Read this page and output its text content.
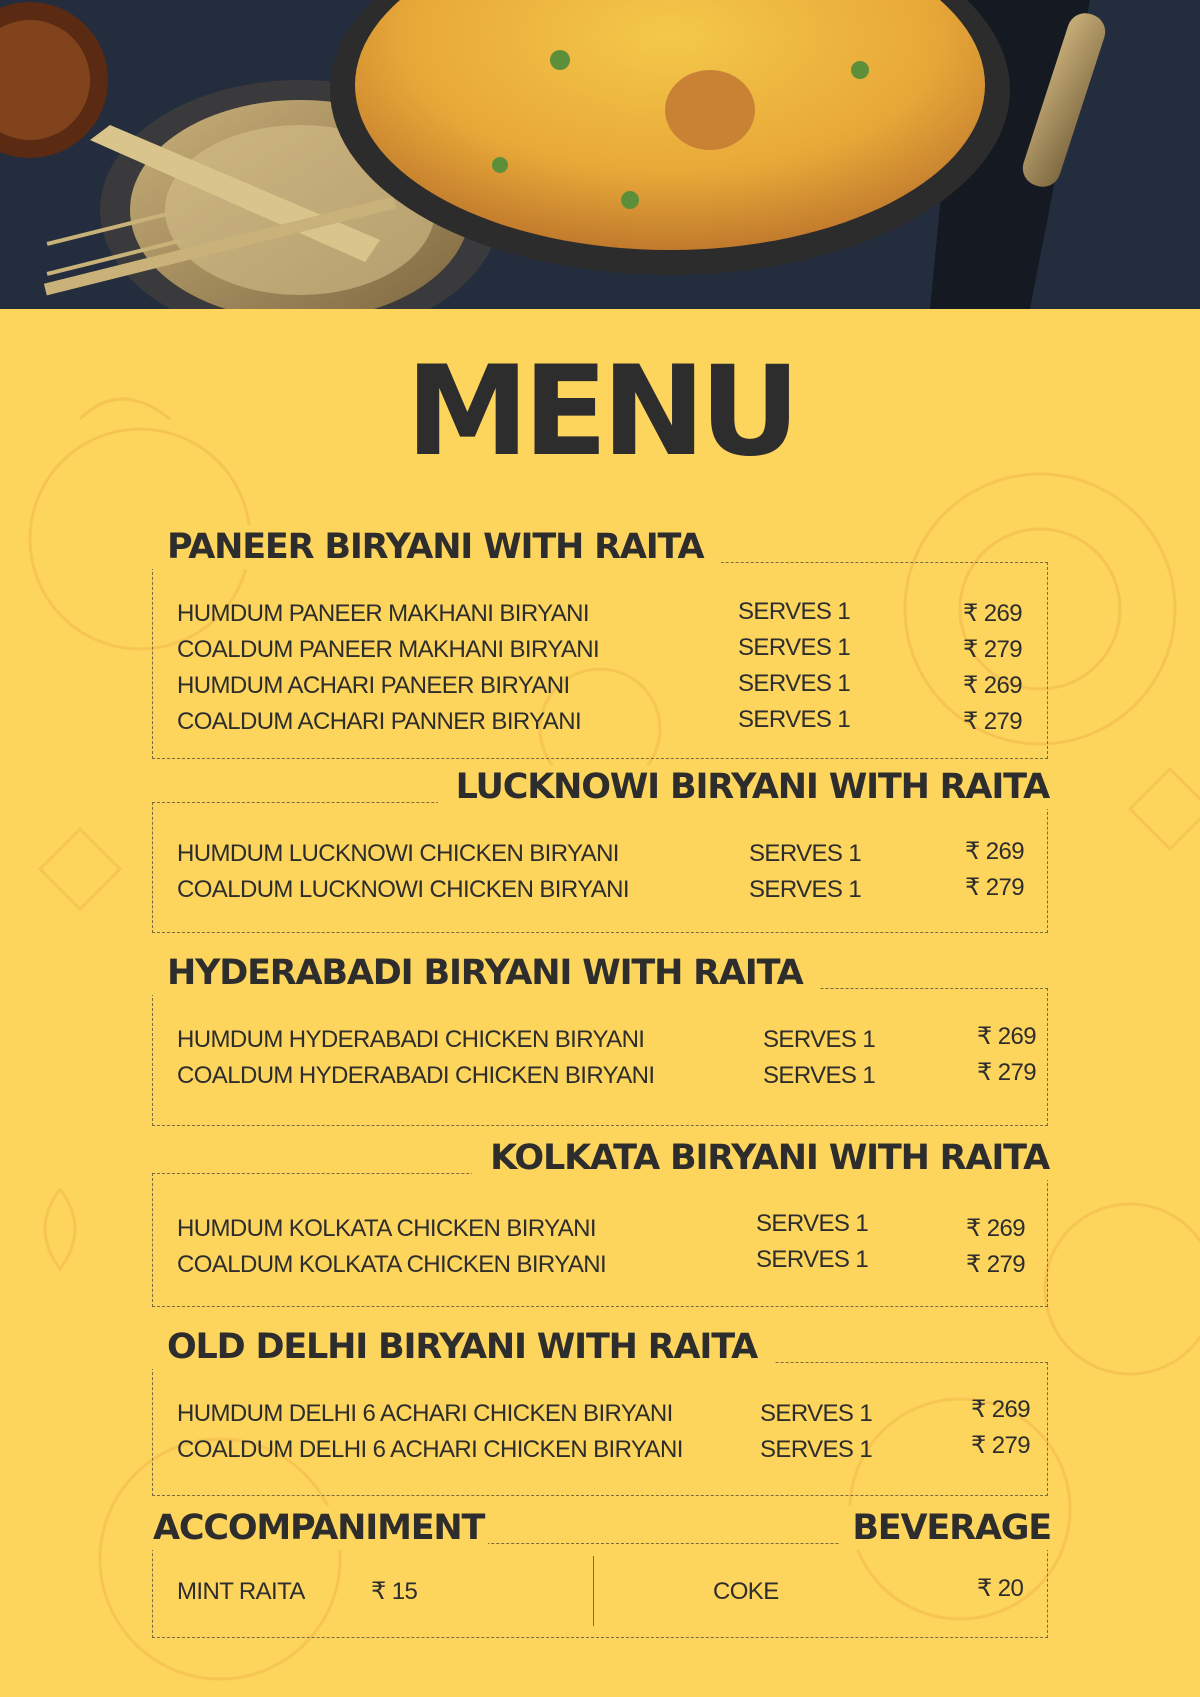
MENU
PANEER BIRYANI WITH RAITA
HUMDUM PANEER MAKHANI BIRYANI	SERVES 1	₹ 269
COALDUM PANEER MAKHANI BIRYANI	SERVES 1	₹ 279
HUMDUM ACHARI PANEER BIRYANI	SERVES 1	₹ 269
COALDUM ACHARI PANNER BIRYANI	SERVES 1	₹ 279
LUCKNOWI BIRYANI WITH RAITA
HUMDUM LUCKNOWI CHICKEN BIRYANI	SERVES 1	₹ 269
COALDUM LUCKNOWI CHICKEN BIRYANI	SERVES 1	₹ 279
HYDERABADI BIRYANI WITH RAITA
HUMDUM HYDERABADI CHICKEN BIRYANI	SERVES 1	₹ 269
COALDUM HYDERABADI CHICKEN BIRYANI	SERVES 1	₹ 279
KOLKATA BIRYANI WITH RAITA
HUMDUM KOLKATA CHICKEN BIRYANI	SERVES 1	₹ 269
COALDUM KOLKATA CHICKEN BIRYANI	SERVES 1	₹ 279
OLD DELHI BIRYANI WITH RAITA
HUMDUM DELHI 6 ACHARI CHICKEN BIRYANI	SERVES 1	₹ 269
COALDUM DELHI 6 ACHARI CHICKEN BIRYANI	SERVES 1	₹ 279
ACCOMPANIMENT	BEVERAGE
MINT RAITA	₹ 15	COKE	₹ 20
